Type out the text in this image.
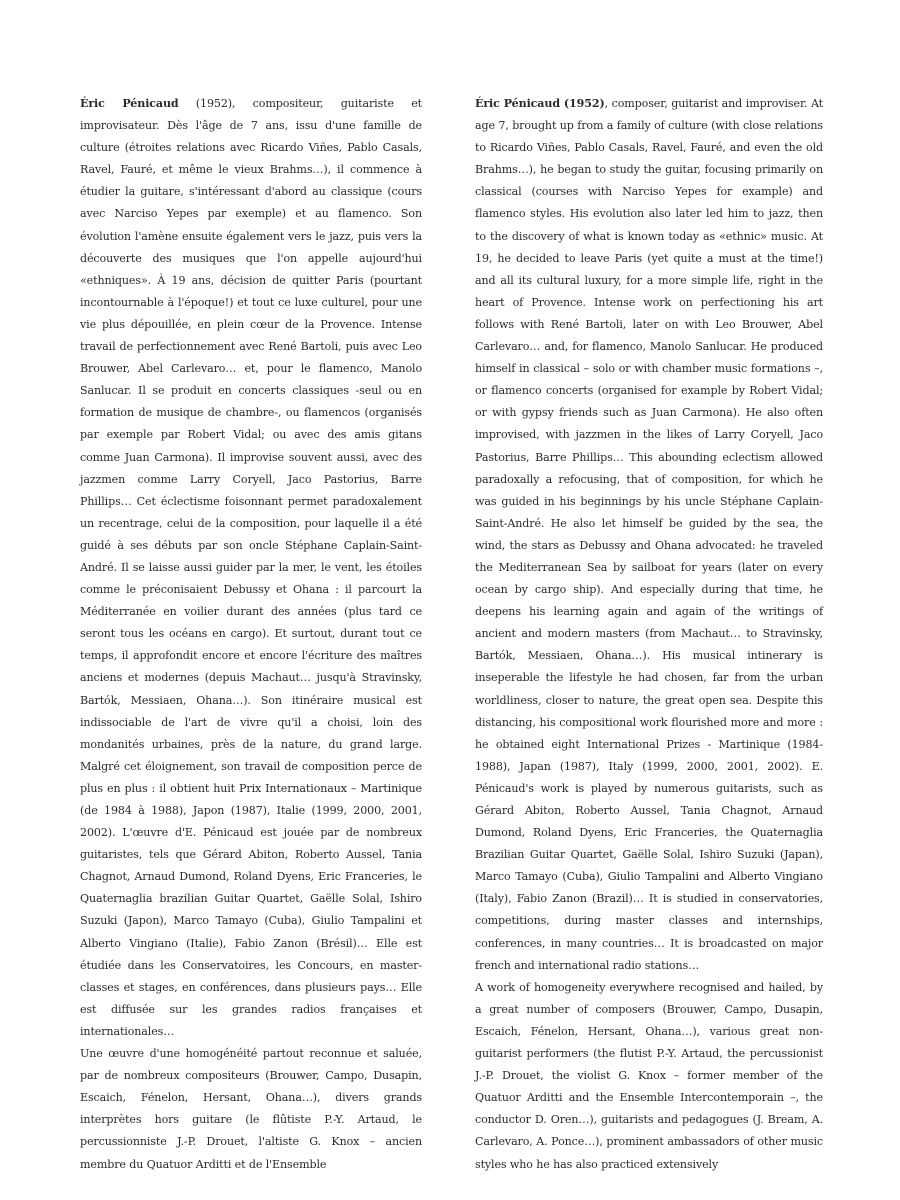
Éric Pénicaud (1952), compositeur, guitariste et improvisateur. Dès l'âge de 7 ans, issu d'une famille de culture (étroites relations avec Ricardo Viñes, Pablo Casals, Ravel, Fauré, et même le vieux Brahms…), il commence à étudier la guitare, s'intéressant d'abord au classique (cours avec Narciso Yepes par exemple) et au flamenco. Son évolution l'amène ensuite également vers le jazz, puis vers la découverte des musiques que l'on appelle aujourd'hui «ethniques». À 19 ans, décision de quitter Paris (pourtant incontournable à l'époque!) et tout ce luxe culturel, pour une vie plus dépouillée, en plein cœur de la Provence. Intense travail de perfectionnement avec René Bartoli, puis avec Leo Brouwer, Abel Carlevaro… et, pour le flamenco, Manolo Sanlucar. Il se produit en concerts classiques -seul ou en formation de musique de chambre-, ou flamencos (organisés par exemple par Robert Vidal; ou avec des amis gitans comme Juan Carmona). Il improvise souvent aussi, avec des jazzmen comme Larry Coryell, Jaco Pastorius, Barre Phillips… Cet éclectisme foisonnant permet paradoxalement un recentrage, celui de la composition, pour laquelle il a été guidé à ses débuts par son oncle Stéphane Caplain-Saint-André. Il se laisse aussi guider par la mer, le vent, les étoiles comme le préconisaient Debussy et Ohana : il parcourt la Méditerranée en voilier durant des années (plus tard ce seront tous les océans en cargo). Et surtout, durant tout ce temps, il approfondit encore et encore l'écriture des maîtres anciens et modernes (depuis Machaut… jusqu'à Stravinsky, Bartók, Messiaen, Ohana…). Son itinéraire musical est indissociable de l'art de vivre qu'il a choisi, loin des mondanités urbaines, près de la nature, du grand large. Malgré cet éloignement, son travail de composition perce de plus en plus : il obtient huit Prix Internationaux – Martinique (de 1984 à 1988), Japon (1987), Italie (1999, 2000, 2001, 2002). L'œuvre d'E. Pénicaud est jouée par de nombreux guitaristes, tels que Gérard Abiton, Roberto Aussel, Tania Chagnot, Arnaud Dumond, Roland Dyens, Eric Franceries, le Quaternaglia brazilian Guitar Quartet, Gaëlle Solal, Ishiro Suzuki (Japon), Marco Tamayo (Cuba), Giulio Tampalini et Alberto Vingiano (Italie), Fabio Zanon (Brésil)… Elle est étudiée dans les Conservatoires, les Concours, en master-classes et stages, en conférences, dans plusieurs pays… Elle est diffusée sur les grandes radios françaises et internationales…

Une œuvre d'une homogénéité partout reconnue et saluée, par de nombreux compositeurs (Brouwer, Campo, Dusapin, Escaich, Fénelon, Hersant, Ohana…), divers grands interprètes hors guitare (le flûtiste P.-Y. Artaud, le percussionniste J.-P. Drouet, l'altiste G. Knox – ancien membre du Quatuor Arditti et de l'Ensemble

Éric Pénicaud (1952), composer, guitarist and improviser. At age 7, brought up from a family of culture (with close relations to Ricardo Viñes, Pablo Casals, Ravel, Fauré, and even the old Brahms…), he began to study the guitar, focusing primarily on classical (courses with Narciso Yepes for example) and flamenco styles. His evolution also later led him to jazz, then to the discovery of what is known today as «ethnic» music. At 19, he decided to leave Paris (yet quite a must at the time!) and all its cultural luxury, for a more simple life, right in the heart of Provence. Intense work on perfectioning his art follows with René Bartoli, later on with Leo Brouwer, Abel Carlevaro… and, for flamenco, Manolo Sanlucar. He produced himself in classical – solo or with chamber music formations –, or flamenco concerts (organised for example by Robert Vidal; or with gypsy friends such as Juan Carmona). He also often improvised, with jazzmen in the likes of Larry Coryell, Jaco Pastorius, Barre Phillips… This abounding eclectism allowed paradoxally a refocusing, that of composition, for which he was guided in his beginnings by his uncle Stéphane Caplain-Saint-André. He also let himself be guided by the sea, the wind, the stars as Debussy and Ohana advocated: he traveled the Mediterranean Sea by sailboat for years (later on every ocean by cargo ship). And especially during that time, he deepens his learning again and again of the writings of ancient and modern masters (from Machaut… to Stravinsky, Bartók, Messiaen, Ohana…). His musical intinerary is inseperable the lifestyle he had chosen, far from the urban worldliness, closer to nature, the great open sea. Despite this distancing, his compositional work flourished more and more : he obtained eight International Prizes - Martinique (1984-1988), Japan (1987), Italy (1999, 2000, 2001, 2002). E. Pénicaud's work is played by numerous guitarists, such as Gérard Abiton, Roberto Aussel, Tania Chagnot, Arnaud Dumond, Roland Dyens, Eric Franceries, the Quaternaglia Brazilian Guitar Quartet, Gaëlle Solal, Ishiro Suzuki (Japan), Marco Tamayo (Cuba), Giulio Tampalini and Alberto Vingiano (Italy), Fabio Zanon (Brazil)… It is studied in conservatories, competitions, during master classes and internships, conferences, in many countries… It is broadcasted on major french and international radio stations…

A work of homogeneity everywhere recognised and hailed, by a great number of composers (Brouwer, Campo, Dusapin, Escaich, Fénelon, Hersant, Ohana…), various great non-guitarist performers (the flutist P.-Y. Artaud, the percussionist J.-P. Drouet, the violist G. Knox – former member of the Quatuor Arditti and the Ensemble Intercontemporain –, the conductor D. Oren…), guitarists and pedagogues (J. Bream, A. Carlevaro, A. Ponce…), prominent ambassadors of other music styles who he has also practiced extensively
